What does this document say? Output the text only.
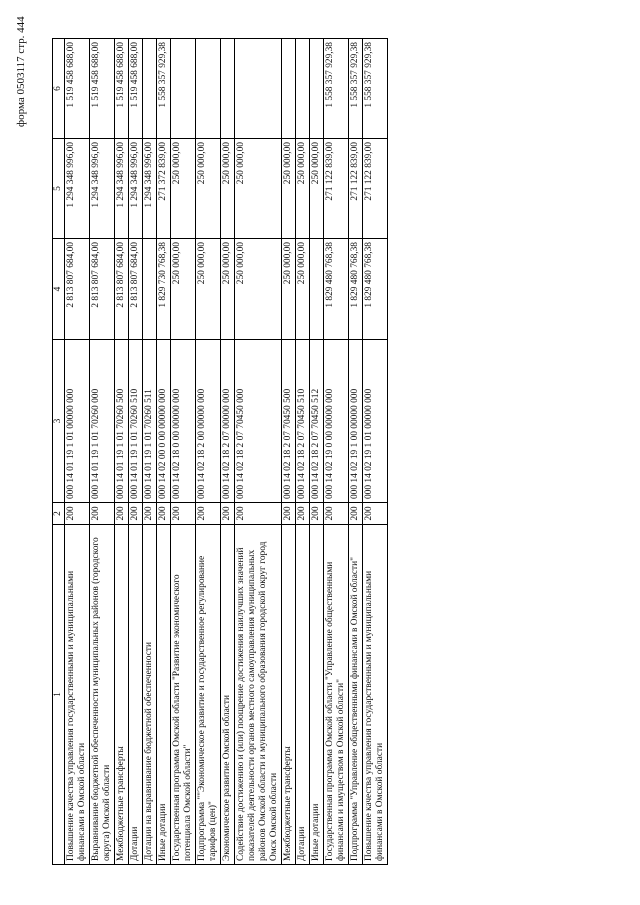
форма 0503117 стр. 444
1	2	3	4	5	6
Повышение качества управления государственными и муниципальными финансами в Омской области	200	000 14 01 19 1 01 00000 000	2 813 807 684,00	1 294 348 996,00	1 519 458 688,00
Выравнивание бюджетной обеспеченности муниципальных районов (городского округа) Омской области	200	000 14 01 19 1 01 70260 000	2 813 807 684,00	1 294 348 996,00	1 519 458 688,00
Межбюджетные трансферты	200	000 14 01 19 1 01 70260 500	2 813 807 684,00	1 294 348 996,00	1 519 458 688,00
Дотации	200	000 14 01 19 1 01 70260 510	2 813 807 684,00	1 294 348 996,00	1 519 458 688,00
Дотации на выравнивание бюджетной обеспеченности	200	000 14 01 19 1 01 70260 511		1 294 348 996,00	
Иные дотации	200	000 14 02 00 0 00 00000 000	1 829 730 768,38	271 372 839,00	1 558 357 929,38
Государственная программа Омской области "Развитие экономического потенциала Омской области"	200	000 14 02 18 0 00 00000 000	250 000,00	250 000,00	
Подпрограмма ""Экономическое развитие и государственное регулирование тарифов (цен)"	200	000 14 02 18 2 00 00000 000	250 000,00	250 000,00	
Экономическое развитие Омской области	200	000 14 02 18 2 07 00000 000	250 000,00	250 000,00	
Содействие достижению и (или) поощрение достижения наилучших значений показателей деятельности органов местного самоуправления муниципальных районов Омской области и муниципального образования городской округ город Омск Омской области	200	000 14 02 18 2 07 70450 000	250 000,00	250 000,00	
Межбюджетные трансферты	200	000 14 02 18 2 07 70450 500	250 000,00	250 000,00	
Дотации	200	000 14 02 18 2 07 70450 510	250 000,00	250 000,00	
Иные дотации	200	000 14 02 18 2 07 70450 512		250 000,00	
Государственная программа Омской области "Управление общественными финансами и имуществом в Омской области"	200	000 14 02 19 0 00 00000 000	1 829 480 768,38	271 122 839,00	1 558 357 929,38
Подпрограмма "Управление общественными финансами в Омской области"	200	000 14 02 19 1 00 00000 000	1 829 480 768,38	271 122 839,00	1 558 357 929,38
Повышение качества управления государственными и муниципальными финансами в Омской области	200	000 14 02 19 1 01 00000 000	1 829 480 768,38	271 122 839,00	1 558 357 929,38
